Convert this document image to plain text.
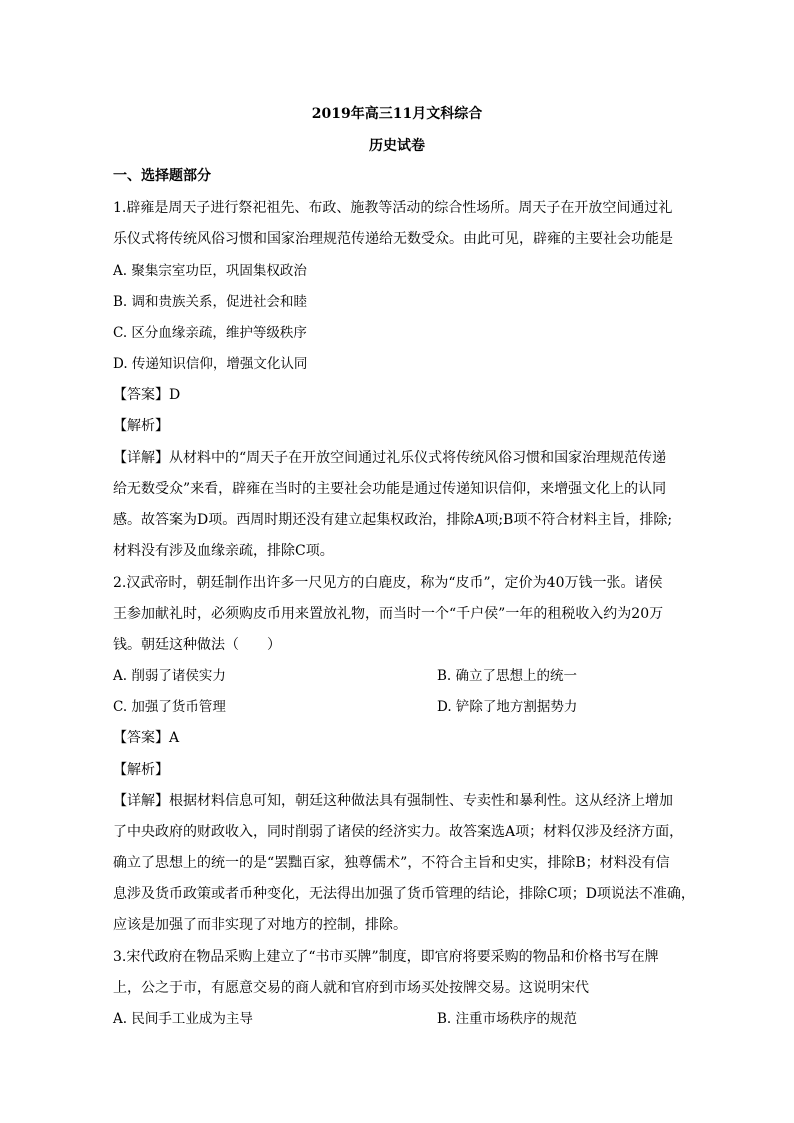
2019年高三11月文科综合
历史试卷
一、选择题部分
1.辟雍是周天子进行祭祀祖先、布政、施教等活动的综合性场所。周天子在开放空间通过礼
乐仪式将传统风俗习惯和国家治理规范传递给无数受众。由此可见，辟雍的主要社会功能是
A. 聚集宗室功臣，巩固集权政治
B. 调和贵族关系，促进社会和睦
C. 区分血缘亲疏，维护等级秩序
D. 传递知识信仰，增强文化认同
【答案】D
【解析】
【详解】从材料中的“周天子在开放空间通过礼乐仪式将传统风俗习惯和国家治理规范传递
给无数受众”来看，辟雍在当时的主要社会功能是通过传递知识信仰，来增强文化上的认同
感。故答案为D项。西周时期还没有建立起集权政治，排除A项;B项不符合材料主旨，排除;
材料没有涉及血缘亲疏，排除C项。
2.汉武帝时，朝廷制作出许多一尺见方的白鹿皮，称为“皮币”，定价为40万钱一张。诸侯
王参加献礼时，必须购皮币用来置放礼物，而当时一个“千户侯”一年的租税收入约为20万
钱。朝廷这种做法（　　）
A. 削弱了诸侯实力	B. 确立了思想上的统一
C. 加强了货币管理	D. 铲除了地方割据势力
【答案】A
【解析】
【详解】根据材料信息可知，朝廷这种做法具有强制性、专卖性和暴利性。这从经济上增加
了中央政府的财政收入，同时削弱了诸侯的经济实力。故答案选A项；材料仅涉及经济方面，
确立了思想上的统一的是“罢黜百家，独尊儒术”，不符合主旨和史实，排除B；材料没有信
息涉及货币政策或者币种变化，无法得出加强了货币管理的结论，排除C项；D项说法不准确，
应该是加强了而非实现了对地方的控制，排除。
3.宋代政府在物品采购上建立了“书市买牌”制度，即官府将要采购的物品和价格书写在牌
上，公之于市，有愿意交易的商人就和官府到市场买处按牌交易。这说明宋代
A. 民间手工业成为主导	B. 注重市场秩序的规范
